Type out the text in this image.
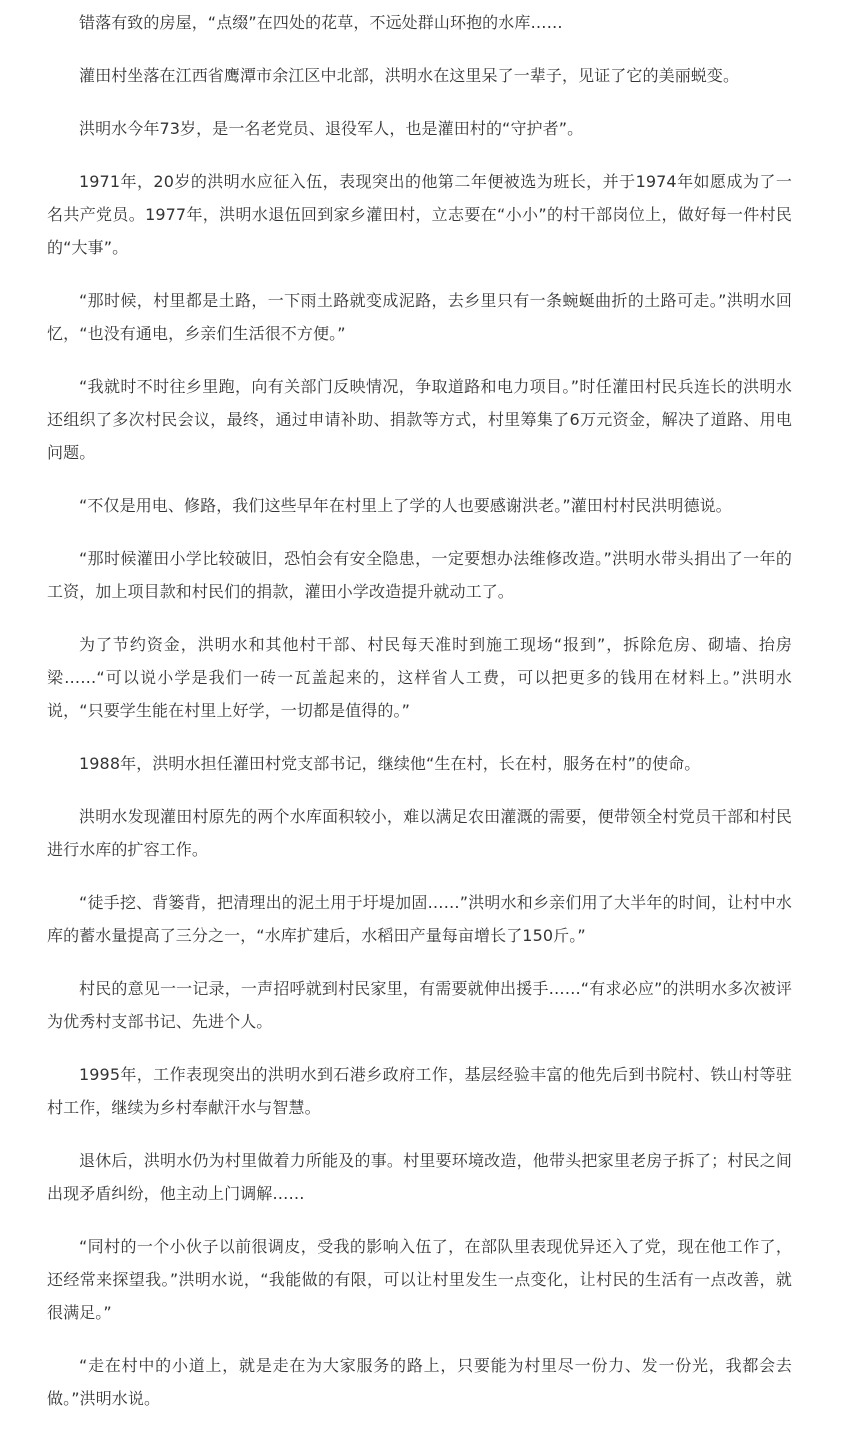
错落有致的房屋，“点缀”在四处的花草，不远处群山环抱的水库……

灌田村坐落在江西省鹰潭市余江区中北部，洪明水在这里呆了一辈子，见证了它的美丽蜕变。

洪明水今年73岁，是一名老党员、退役军人，也是灌田村的“守护者”。

1971年，20岁的洪明水应征入伍，表现突出的他第二年便被选为班长，并于1974年如愿成为了一名共产党员。1977年，洪明水退伍回到家乡灌田村，立志要在“小小”的村干部岗位上，做好每一件村民的“大事”。

“那时候，村里都是土路，一下雨土路就变成泥路，去乡里只有一条蜿蜒曲折的土路可走。”洪明水回忆，“也没有通电，乡亲们生活很不方便。”

“我就时不时往乡里跑，向有关部门反映情况，争取道路和电力项目。”时任灌田村民兵连长的洪明水还组织了多次村民会议，最终，通过申请补助、捐款等方式，村里筹集了6万元资金，解决了道路、用电问题。

“不仅是用电、修路，我们这些早年在村里上了学的人也要感谢洪老。”灌田村村民洪明德说。

“那时候灌田小学比较破旧，恐怕会有安全隐患，一定要想办法维修改造。”洪明水带头捐出了一年的工资，加上项目款和村民们的捐款，灌田小学改造提升就动工了。

为了节约资金，洪明水和其他村干部、村民每天准时到施工现场“报到”，拆除危房、砌墙、抬房梁……“可以说小学是我们一砖一瓦盖起来的，这样省人工费，可以把更多的钱用在材料上。”洪明水说，“只要学生能在村里上好学，一切都是值得的。”

1988年，洪明水担任灌田村党支部书记，继续他“生在村，长在村，服务在村”的使命。

洪明水发现灌田村原先的两个水库面积较小，难以满足农田灌溉的需要，便带领全村党员干部和村民进行水库的扩容工作。

“徒手挖、背篓背，把清理出的泥土用于圩堤加固……”洪明水和乡亲们用了大半年的时间，让村中水库的蓄水量提高了三分之一，“水库扩建后，水稻田产量每亩增长了150斤。”

村民的意见一一记录，一声招呼就到村民家里，有需要就伸出援手……“有求必应”的洪明水多次被评为优秀村支部书记、先进个人。

1995年，工作表现突出的洪明水到石港乡政府工作，基层经验丰富的他先后到书院村、铁山村等驻村工作，继续为乡村奉献汗水与智慧。

退休后，洪明水仍为村里做着力所能及的事。村里要环境改造，他带头把家里老房子拆了；村民之间出现矛盾纠纷，他主动上门调解……

“同村的一个小伙子以前很调皮，受我的影响入伍了，在部队里表现优异还入了党，现在他工作了，还经常来探望我。”洪明水说，“我能做的有限，可以让村里发生一点变化，让村民的生活有一点改善，就很满足。”

“走在村中的小道上，就是走在为大家服务的路上，只要能为村里尽一份力、发一份光，我都会去做。”洪明水说。
